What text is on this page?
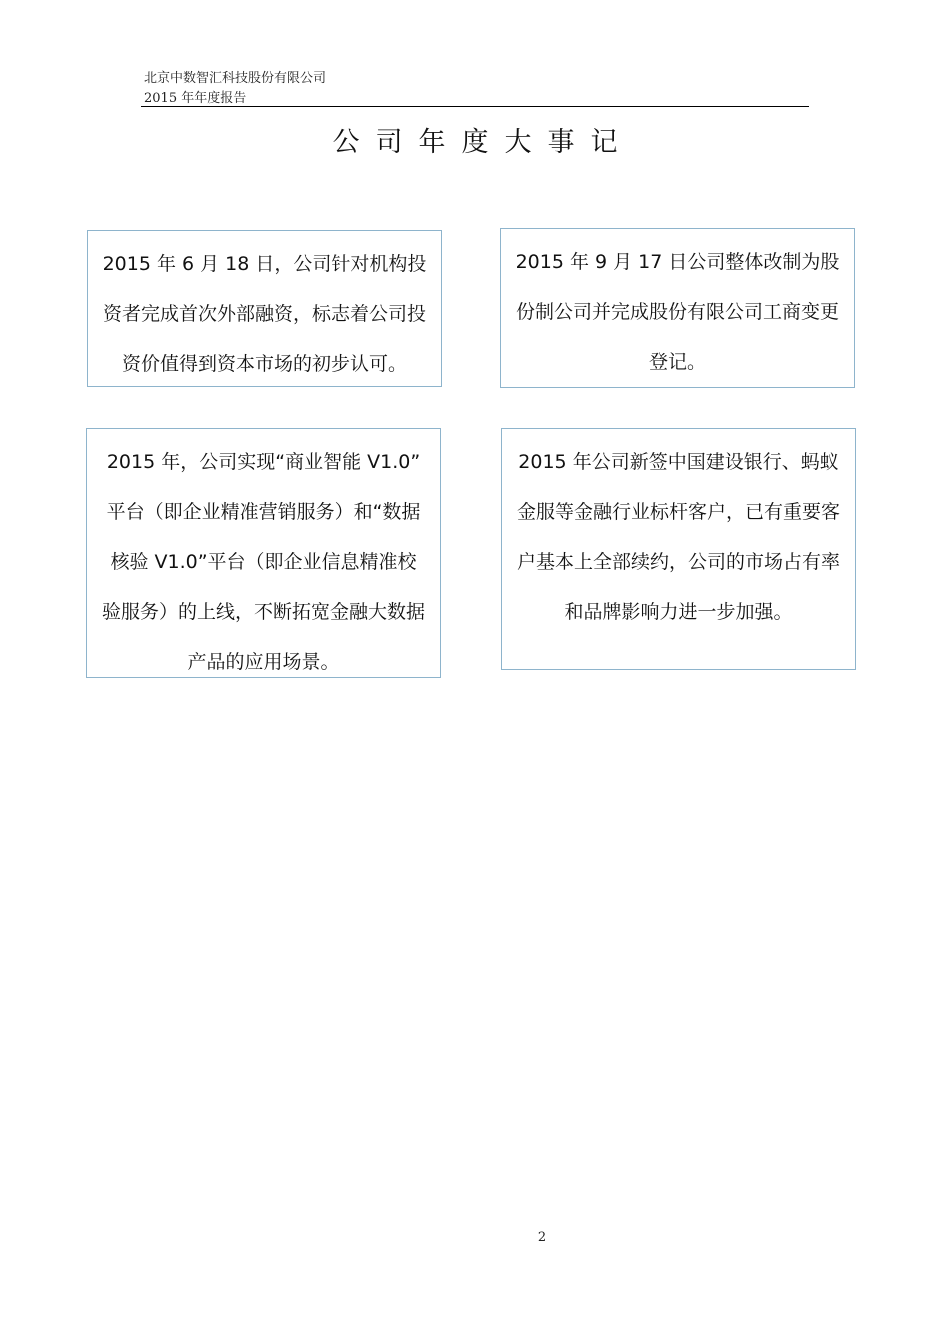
北京中数智汇科技股份有限公司
2015 年年度报告
公司年度大事记
2015 年 6 月 18 日，公司针对机构投
资者完成首次外部融资，标志着公司投
资价值得到资本市场的初步认可。
2015 年 9 月 17 日公司整体改制为股
份制公司并完成股份有限公司工商变更
登记。
2015 年，公司实现“商业智能 V1.0”
平台（即企业精准营销服务）和“数据
核验 V1.0”平台（即企业信息精准校
验服务）的上线，不断拓宽金融大数据
产品的应用场景。
2015 年公司新签中国建设银行、蚂蚁
金服等金融行业标杆客户，已有重要客
户基本上全部续约，公司的市场占有率
和品牌影响力进一步加强。
2
